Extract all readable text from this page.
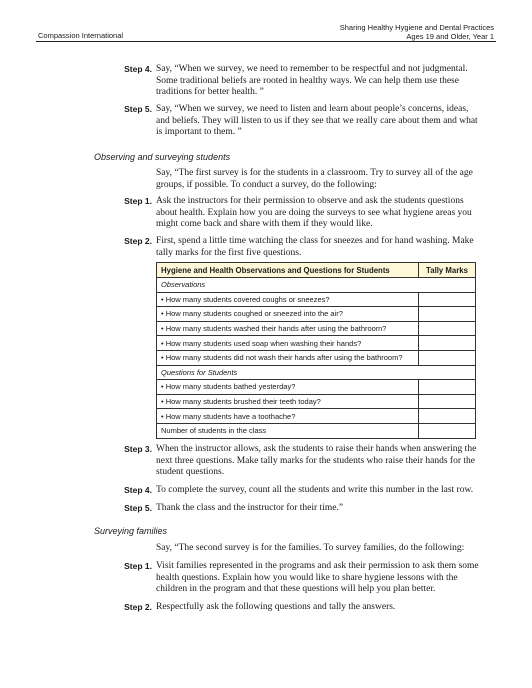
Compassion International
Sharing Healthy Hygiene and Dental Practices
Ages 19 and Older, Year 1
Step 4. Say, “When we survey, we need to remember to be respectful and not judgmental. Some traditional beliefs are rooted in healthy ways. We can help them use these traditions for better health. ”
Step 5. Say, “When we survey, we need to listen and learn about people’s concerns, ideas, and beliefs. They will listen to us if they see that we really care about them and what is important to them. ”
Observing and surveying students
Say, “The first survey is for the students in a classroom. Try to survey all of the age groups, if possible. To conduct a survey, do the following:
Step 1. Ask the instructors for their permission to observe and ask the students questions about health. Explain how you are doing the surveys to see what hygiene areas you might come back and share with them if they would like.
Step 2. First, spend a little time watching the class for sneezes and for hand washing. Make tally marks for the first five questions.
Hygiene and Health Observations and Questions for Students	Tally Marks
Observations	
• How many students covered coughs or sneezes?	
• How many students coughed or sneezed into the air?	
• How many students washed their hands after using the bathroom?	
• How many students used soap when washing their hands?	
• How many students did not wash their hands after using the bathroom?	
Questions for Students	
• How many students bathed yesterday?	
• How many students brushed their teeth today?	
• How many students have a toothache?	
Number of students in the class	
Step 3. When the instructor allows, ask the students to raise their hands when answering the next three questions. Make tally marks for the students who raise their hands for the student questions.
Step 4. To complete the survey, count all the students and write this number in the last row.
Step 5. Thank the class and the instructor for their time.”
Surveying families
Say, “The second survey is for the families. To survey families, do the following:
Step 1. Visit families represented in the programs and ask their permission to ask them some health questions. Explain how you would like to share hygiene lessons with the children in the program and that these questions will help you plan better.
Step 2. Respectfully ask the following questions and tally the answers.
